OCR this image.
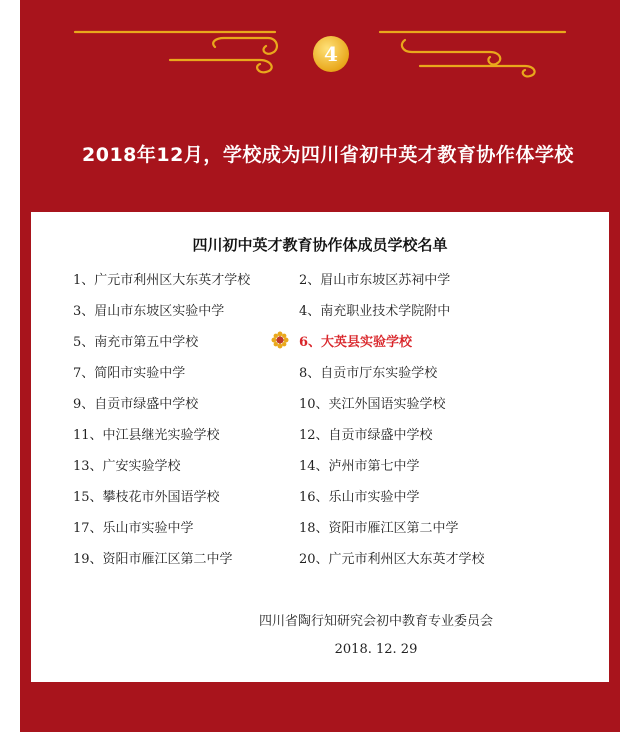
4
2018年12月，学校成为四川省初中英才教育协作体学校
四川初中英才教育协作体成员学校名单
1、广元市利州区大东英才学校	2、眉山市东坡区苏祠中学
3、眉山市东坡区实验中学	4、南充职业技术学院附中
5、南充市第五中学校	6、大英县实验学校
7、简阳市实验中学	8、自贡市厅东实验学校
9、自贡市绿盛中学校	10、夹江外国语实验学校
11、中江县继光实验学校	12、自贡市绿盛中学校
13、广安实验学校	14、泸州市第七中学
15、攀枝花市外国语学校	16、乐山市实验中学
17、乐山市实验中学	18、资阳市雁江区第二中学
19、资阳市雁江区第二中学	20、广元市利州区大东英才学校
四川省陶行知研究会初中教育专业委员会
2018. 12. 29
